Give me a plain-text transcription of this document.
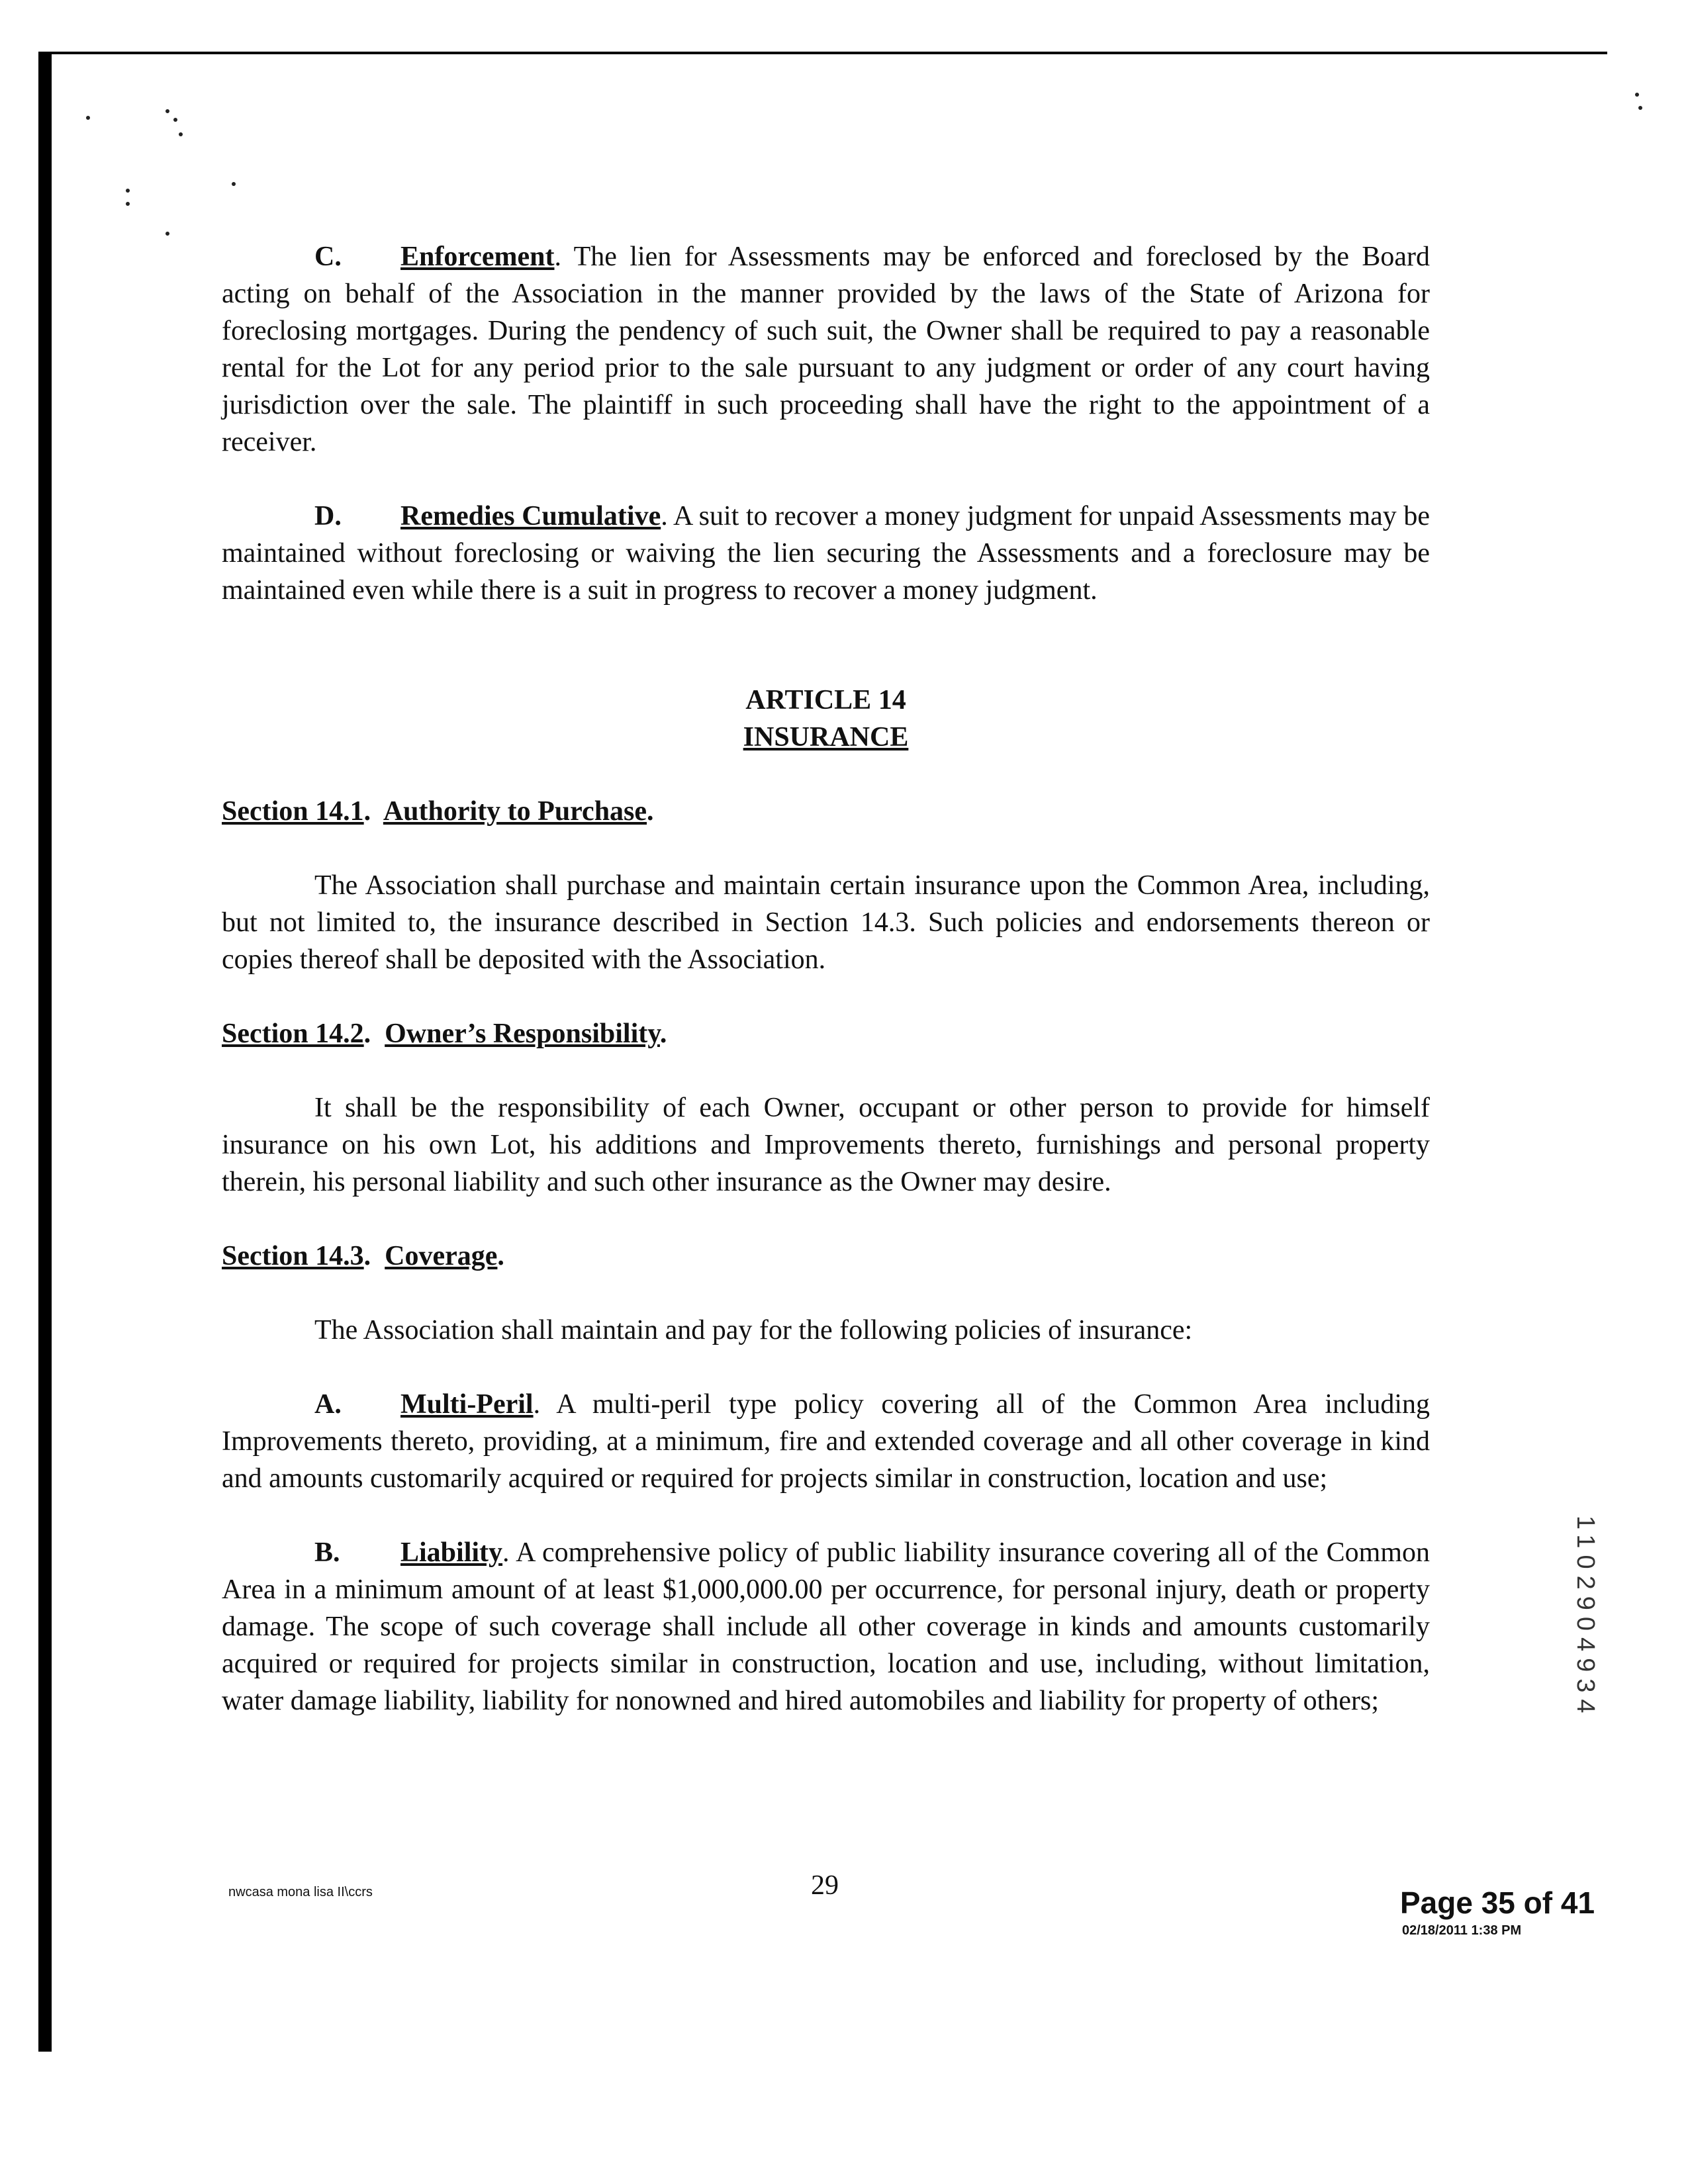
C. Enforcement. The lien for Assessments may be enforced and foreclosed by the Board acting on behalf of the Association in the manner provided by the laws of the State of Arizona for foreclosing mortgages. During the pendency of such suit, the Owner shall be required to pay a reasonable rental for the Lot for any period prior to the sale pursuant to any judgment or order of any court having jurisdiction over the sale. The plaintiff in such proceeding shall have the right to the appointment of a receiver.

D. Remedies Cumulative. A suit to recover a money judgment for unpaid Assessments may be maintained without foreclosing or waiving the lien securing the Assessments and a foreclosure may be maintained even while there is a suit in progress to recover a money judgment.

ARTICLE 14
INSURANCE

Section 14.1.  Authority to Purchase.

The Association shall purchase and maintain certain insurance upon the Common Area, including, but not limited to, the insurance described in Section 14.3. Such policies and endorsements thereon or copies thereof shall be deposited with the Association.

Section 14.2.  Owner’s Responsibility.

It shall be the responsibility of each Owner, occupant or other person to provide for himself insurance on his own Lot, his additions and Improvements thereto, furnishings and personal property therein, his personal liability and such other insurance as the Owner may desire.

Section 14.3.  Coverage.

The Association shall maintain and pay for the following policies of insurance:

A. Multi-Peril. A multi-peril type policy covering all of the Common Area including Improvements thereto, providing, at a minimum, fire and extended coverage and all other coverage in kind and amounts customarily acquired or required for projects similar in construction, location and use;

B. Liability. A comprehensive policy of public liability insurance covering all of the Common Area in a minimum amount of at least $1,000,000.00 per occurrence, for personal injury, death or property damage. The scope of such coverage shall include all other coverage in kinds and amounts customarily acquired or required for projects similar in construction, location and use, including, without limitation, water damage liability, liability for nonowned and hired automobiles and liability for property of others;	1102904934
29
nwcasa mona lisa II\ccrs	Page 35 of 41
02/18/2011 1:38 PM
